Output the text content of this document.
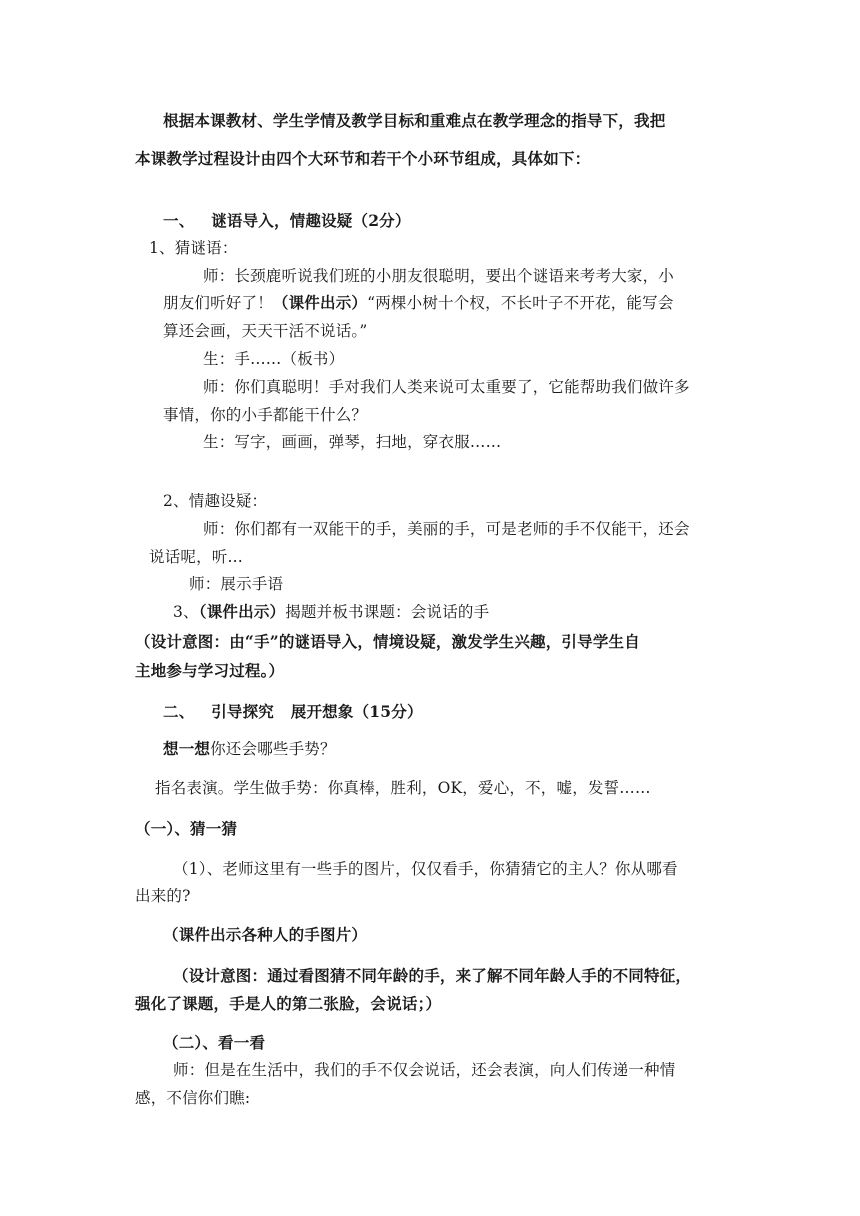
根据本课教材、学生学情及教学目标和重难点在教学理念的指导下，我把
本课教学过程设计由四个大环节和若干个小环节组成，具体如下：
一、   谜语导入，情趣设疑（2分）
1、猜谜语：
师：长颈鹿听说我们班的小朋友很聪明，要出个谜语来考考大家，小
朋友们听好了！（课件出示）“两棵小树十个杈，不长叶子不开花，能写会
算还会画，天天干活不说话。”
生：手……（板书）
师：你们真聪明！手对我们人类来说可太重要了，它能帮助我们做许多
事情，你的小手都能干什么？
生：写字，画画，弹琴，扫地，穿衣服……
2、情趣设疑：
师：你们都有一双能干的手，美丽的手，可是老师的手不仅能干，还会
说话呢，听...
师：展示手语
3、（课件出示）揭题并板书课题：会说话的手
（设计意图：由“手”的谜语导入，情境设疑，激发学生兴趣，引导学生自
主地参与学习过程。）
二、   引导探究   展开想象（15分）
想一想你还会哪些手势？
指名表演。学生做手势：你真棒，胜利，OK，爱心，不，嘘，发誓……
（一）、猜一猜
（1）、老师这里有一些手的图片，仅仅看手，你猜猜它的主人？你从哪看
出来的?
（课件出示各种人的手图片）
（设计意图：通过看图猜不同年龄的手，来了解不同年龄人手的不同特征，
强化了课题，手是人的第二张脸，会说话；）
（二）、看一看
师：但是在生活中，我们的手不仅会说话，还会表演，向人们传递一种情
感，不信你们瞧:
